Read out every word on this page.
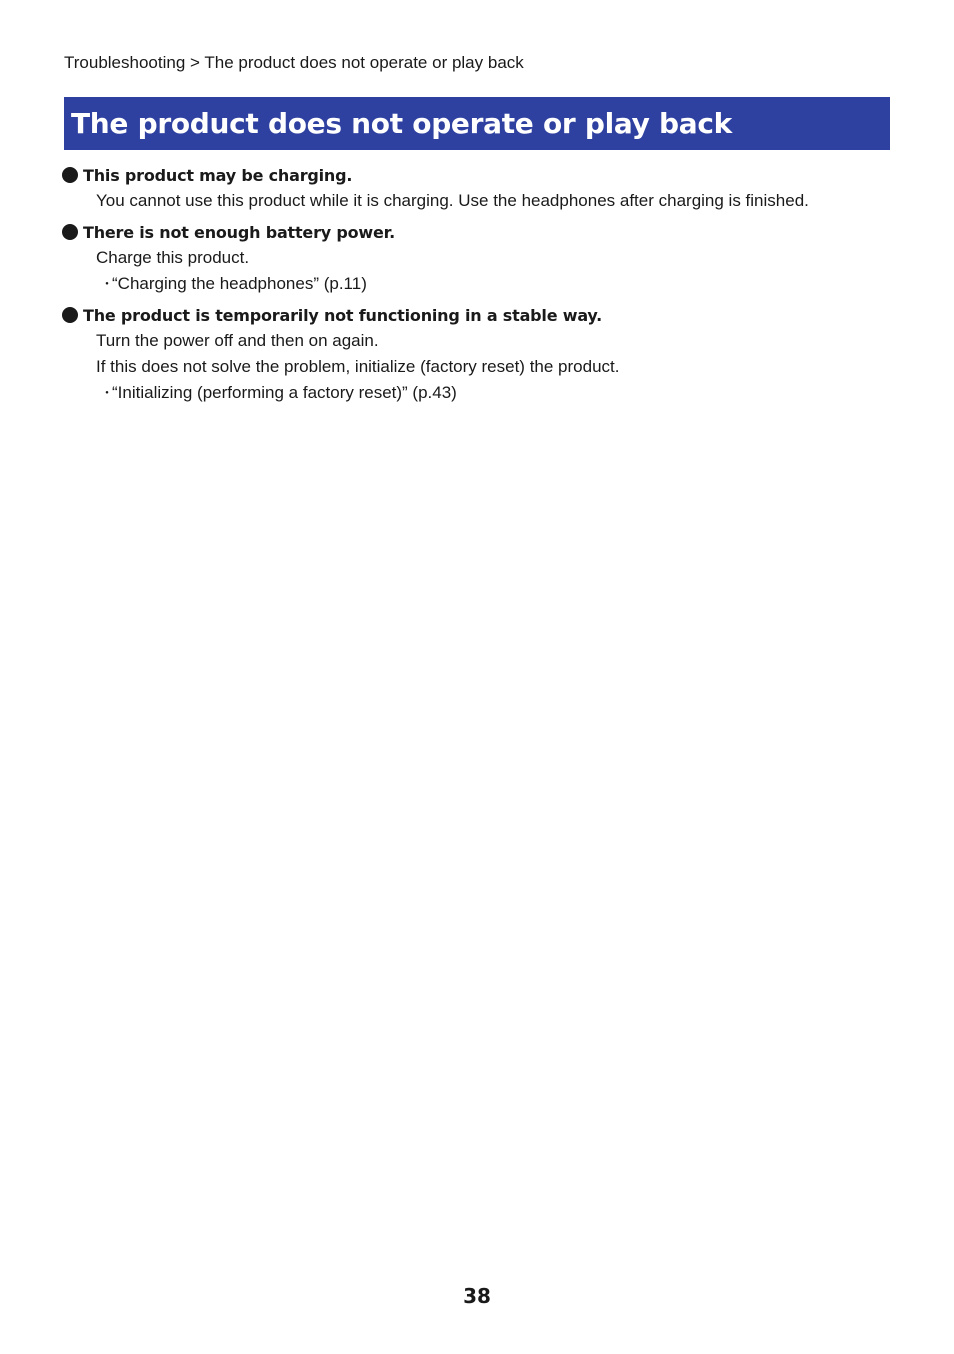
Troubleshooting > The product does not operate or play back
The product does not operate or play back
This product may be charging.
You cannot use this product while it is charging. Use the headphones after charging is finished.
There is not enough battery power.
Charge this product.
・
“Charging the headphones” (p.11)
The product is temporarily not functioning in a stable way.
Turn the power off and then on again.
If this does not solve the problem, initialize (factory reset) the product.
・
“Initializing (performing a factory reset)” (p.43)
38
